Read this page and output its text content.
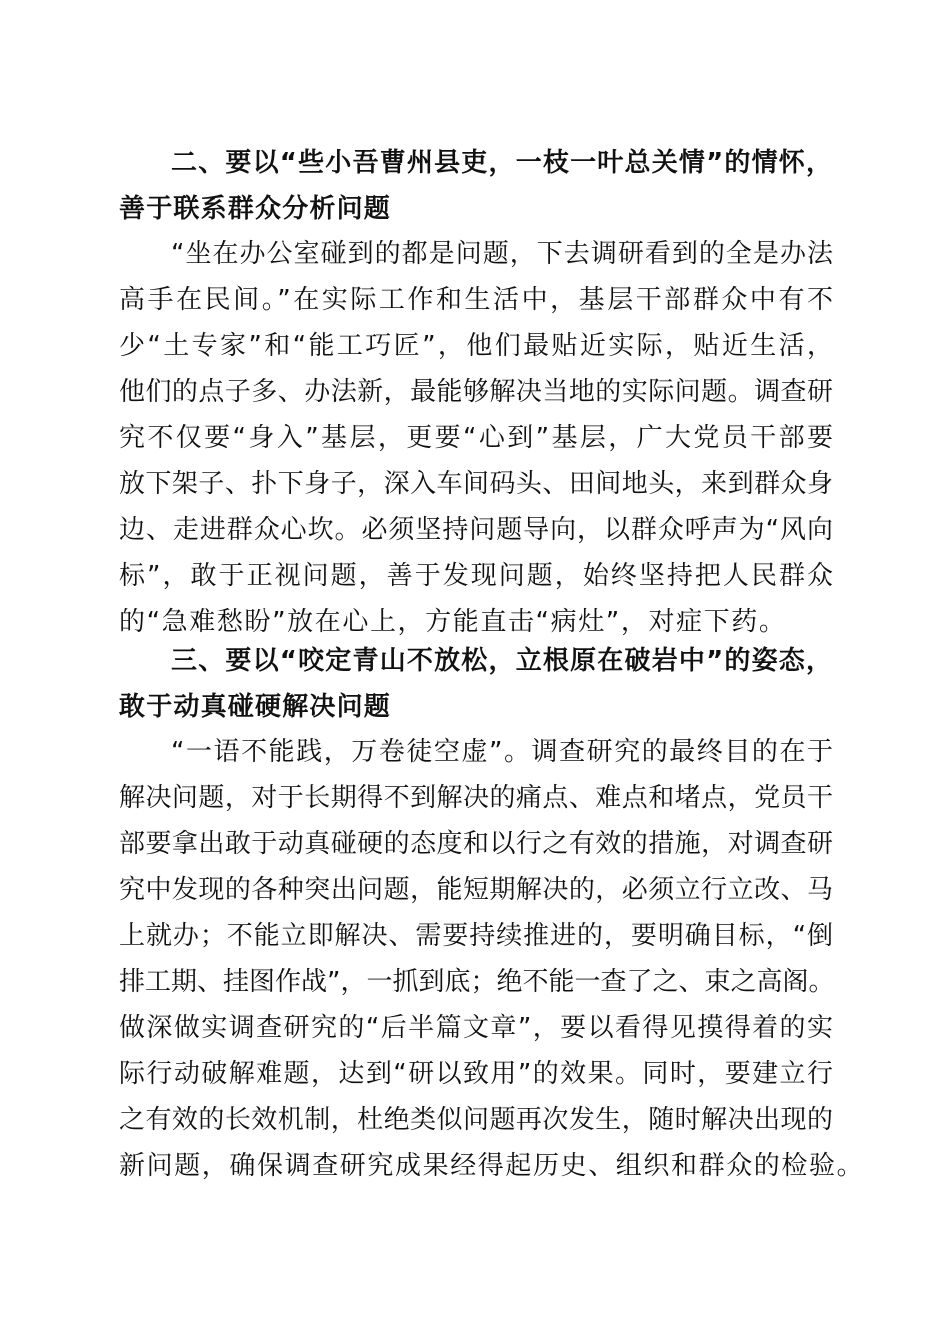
二、要以“些小吾曹州县吏，一枝一叶总关情”的情怀，
善于联系群众分析问题
“坐在办公室碰到的都是问题，下去调研看到的全是办法
高手在民间。”在实际工作和生活中，基层干部群众中有不
少“土专家”和“能工巧匠”，他们最贴近实际，贴近生活，
他们的点子多、办法新，最能够解决当地的实际问题。调查研
究不仅要“身入”基层，更要“心到”基层，广大党员干部要
放下架子、扑下身子，深入车间码头、田间地头，来到群众身
边、走进群众心坎。必须坚持问题导向，以群众呼声为“风向
标”，敢于正视问题，善于发现问题，始终坚持把人民群众
的“急难愁盼”放在心上，方能直击“病灶”，对症下药。
三、要以“咬定青山不放松，立根原在破岩中”的姿态，
敢于动真碰硬解决问题
“一语不能践，万卷徒空虚”。调查研究的最终目的在于
解决问题，对于长期得不到解决的痛点、难点和堵点，党员干
部要拿出敢于动真碰硬的态度和以行之有效的措施，对调查研
究中发现的各种突出问题，能短期解决的，必须立行立改、马
上就办；不能立即解决、需要持续推进的，要明确目标，“倒
排工期、挂图作战”，一抓到底；绝不能一查了之、束之高阁。
做深做实调查研究的“后半篇文章”，要以看得见摸得着的实
际行动破解难题，达到“研以致用”的效果。同时，要建立行
之有效的长效机制，杜绝类似问题再次发生，随时解决出现的
新问题，确保调查研究成果经得起历史、组织和群众的检验。
